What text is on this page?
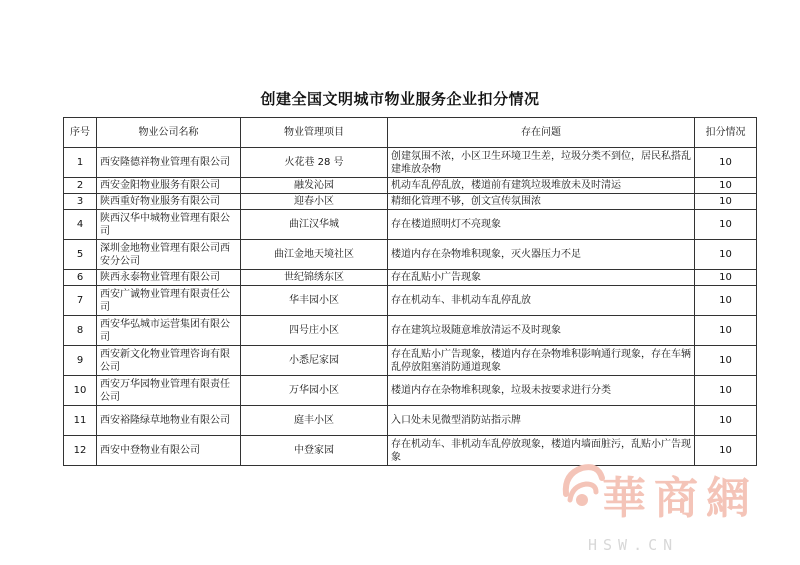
创建全国文明城市物业服务企业扣分情况
序号	物业公司名称	物业管理项目	存在问题	扣分情况
1	西安隆德祥物业管理有限公司	火花巷 28 号	创建氛围不浓，小区卫生环境卫生差，垃圾分类不到位，居民私搭乱建堆放杂物	10
2	西安金阳物业服务有限公司	融发沁园	机动车乱停乱放，楼道前有建筑垃圾堆放未及时清运	10
3	陕西重好物业服务有限公司	迎春小区	精细化管理不够，创文宣传氛围浓	10
4	陕西汉华中城物业管理有限公司	曲江汉华城	存在楼道照明灯不亮现象	10
5	深圳金地物业管理有限公司西安分公司	曲江金地天境社区	楼道内存在杂物堆积现象，灭火器压力不足	10
6	陕西永泰物业管理有限公司	世纪锦绣东区	存在乱贴小广告现象	10
7	西安广诚物业管理有限责任公司	华丰园小区	存在机动车、非机动车乱停乱放	10
8	西安华弘城市运营集团有限公司	四号庄小区	存在建筑垃圾随意堆放清运不及时现象	10
9	西安新文化物业管理咨询有限公司	小悉尼家园	存在乱贴小广告现象，楼道内存在杂物堆积影响通行现象，存在车辆乱停放阻塞消防通道现象	10
10	西安万华园物业管理有限责任公司	万华园小区	楼道内存在杂物堆积现象，垃圾未按要求进行分类	10
11	西安裕隆绿草地物业有限公司	庭丰小区	入口处未见微型消防站指示牌	10
12	西安中登物业有限公司	中登家园	存在机动车、非机动车乱停放现象，楼道内墙面脏污，乱贴小广告现象	10
華商網
HSW.CN
